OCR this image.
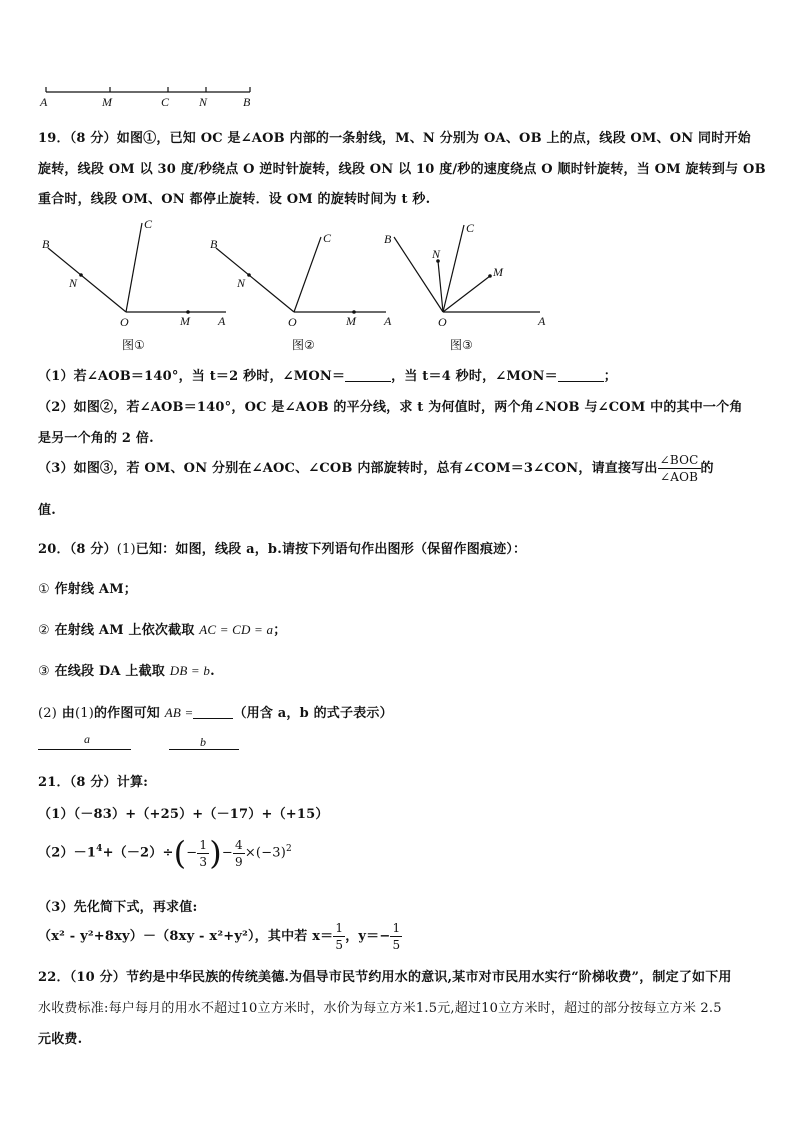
A	M	C N	B
19．（8 分）如图①，已知 OC 是∠AOB 内部的一条射线，M、N 分别为 OA、OB 上的点，线段 OM、ON 同时开始
旋转，线段 OM 以 30 度/秒绕点 O 逆时针旋转，线段 ON 以 10 度/秒的速度绕点 O 顺时针旋转，当 OM 旋转到与 OB
重合时，线段 OM、ON 都停止旋转．设 OM 的旋转时间为 t 秒.
B
C
N
O	M A
图①
B	C
N
O	M A
图②
B
C
N
M
O	A
图③
（1）若∠AOB＝140°，当 t＝2 秒时，∠MON＝	，当 t＝4 秒时，∠MON＝	；
（2）如图②，若∠AOB＝140°，OC 是∠AOB 的平分线，求 t 为何值时，两个角∠NOB 与∠COM 中的其中一个角
是另一个角的 2 倍.
（3）如图③，若 OM、ON 分别在∠AOC、∠COB 内部旋转时，总有∠COM＝3∠CON，请直接写出 $\frac{\text{∠BOC}}{\text{∠AOB}}$ 的
值.
20．（8 分）(1)已知：如图，线段 a，b.请按下列语句作出图形（保留作图痕迹）：
① 作射线 AM；
② 在射线 AM 上依次截取 AC = CD = a；
③ 在线段 DA 上截取 DB = b.
(2) 由(1)的作图可知 AB =	（用含 a，b 的式子表示）
a	b
21．（8 分）计算:
（1）（－83）+（+25）+（－17）+（+15）
$(2)-1^4+(-2)\div(- \frac{1}{3}$ )− $\frac{4}{9} \times(-3)^2$
（3）先化简下式，再求值:
（x² - y²+8xy）－（8xy - x²+y²），其中若 $x= \frac{1}{5}$ ，$y=- \frac{1}{5}$
22．（10 分）节约是中华民族的传统美德.为倡导市民节约用水的意识,某市对市民用水实行“阶梯收费”，制定了如下用
水收费标准:每户每月的用水不超过10立方米时，水价为每立方米1.5元,超过10立方米时，超过的部分按每立方米 2.5
元收费.
